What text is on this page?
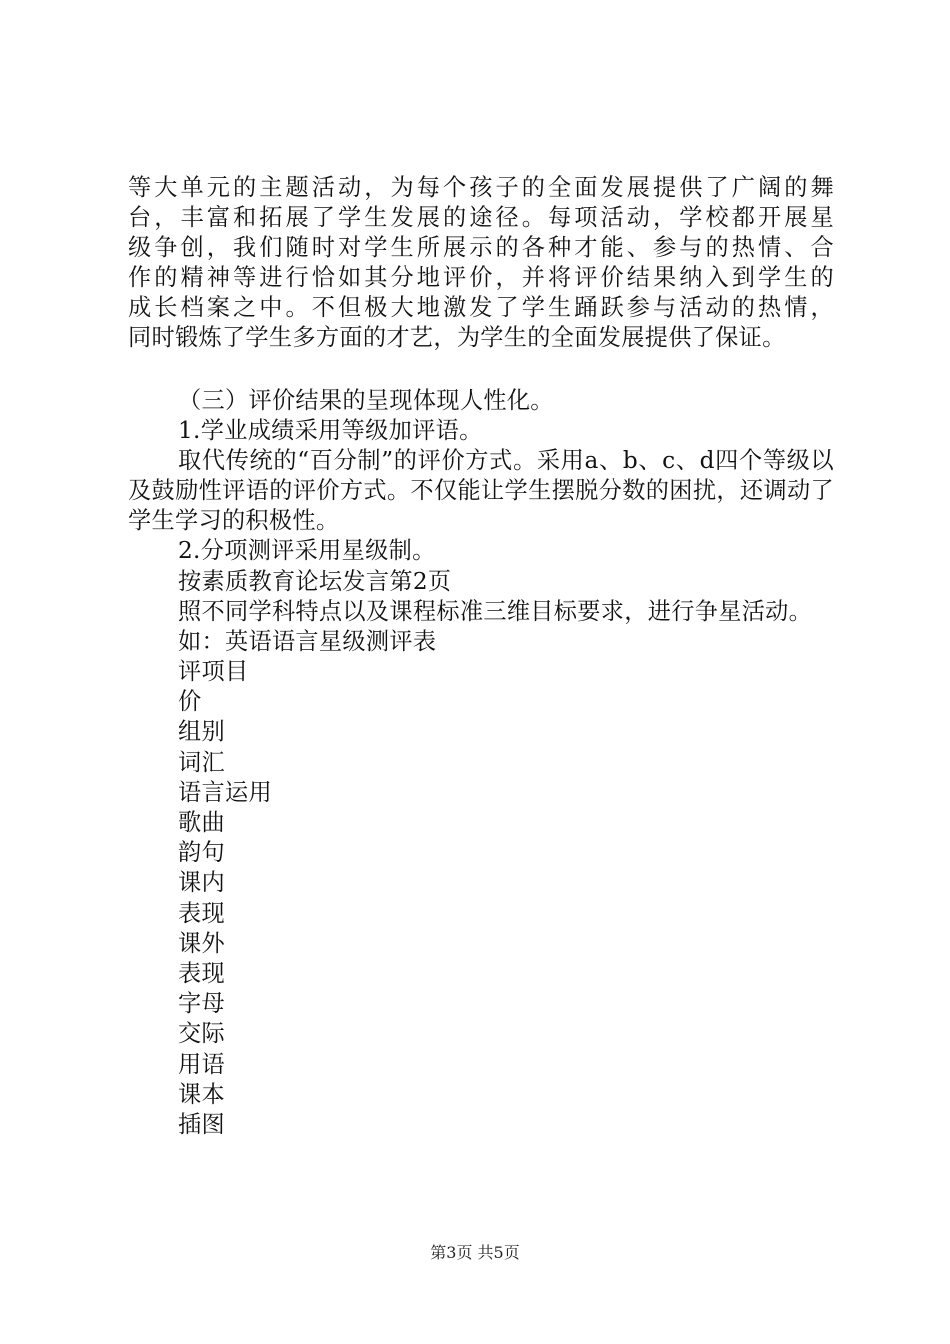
等大单元的主题活动，为每个孩子的全面发展提供了广阔的舞

台，丰富和拓展了学生发展的途径。每项活动，学校都开展星

级争创，我们随时对学生所展示的各种才能、参与的热情、合

作的精神等进行恰如其分地评价，并将评价结果纳入到学生的

成长档案之中。不但极大地激发了学生踊跃参与活动的热情，

同时锻炼了学生多方面的才艺，为学生的全面发展提供了保证。

（三）评价结果的呈现体现人性化。

1.学业成绩采用等级加评语。

取代传统的“百分制”的评价方式。采用a、b、c、d四个等级以及鼓励性评语的评价方式。不仅能让学生摆脱分数的困扰，还调动了学生学习的积极性。

2.分项测评采用星级制。

按素质教育论坛发言第2页

照不同学科特点以及课程标准三维目标要求，进行争星活动。

如：英语语言星级测评表

评项目

价

组别

词汇

语言运用

歌曲

韵句

课内

表现

课外

表现

字母

交际

用语

课本

插图

第3页 共5页
